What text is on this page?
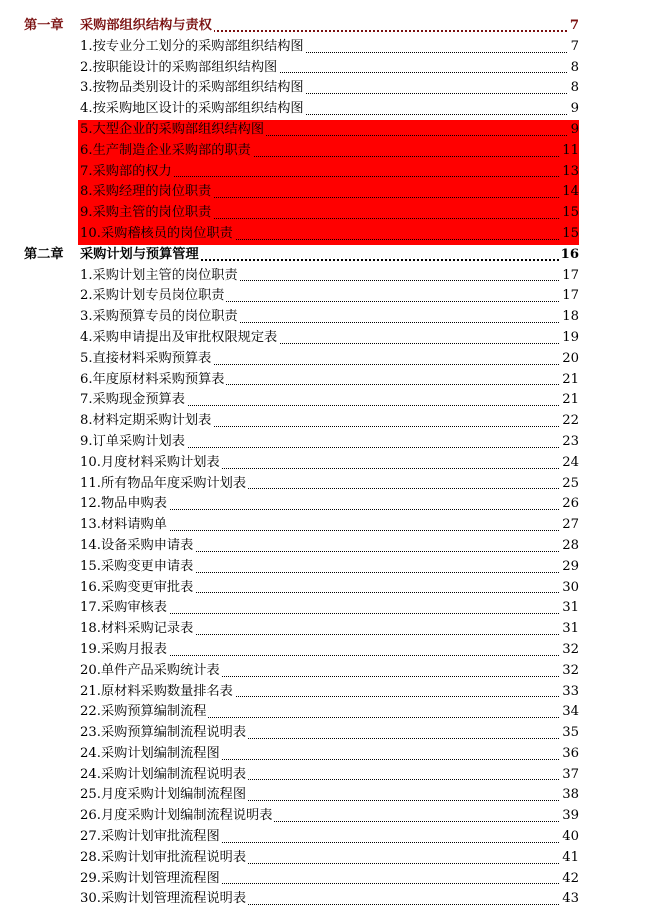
第一章 采购部组织结构与责权	7
1.按专业分工划分的采购部组织结构图	7
2.按职能设计的采购部组织结构图	8
3.按物品类别设计的采购部组织结构图	8
4.按采购地区设计的采购部组织结构图	9
5.大型企业的采购部组织结构图	9
6.生产制造企业采购部的职责	11
7.采购部的权力	13
8.采购经理的岗位职责	14
9.采购主管的岗位职责	15
10.采购稽核员的岗位职责	15
第二章 采购计划与预算管理	16
1.采购计划主管的岗位职责	17
2.采购计划专员岗位职责	17
3.采购预算专员的岗位职责	18
4.采购申请提出及审批权限规定表	19
5.直接材料采购预算表	20
6.年度原材料采购预算表	21
7.采购现金预算表	21
8.材料定期采购计划表	22
9.订单采购计划表	23
10.月度材料采购计划表	24
11.所有物品年度采购计划表	25
12.物品申购表	26
13.材料请购单	27
14.设备采购申请表	28
15.采购变更申请表	29
16.采购变更审批表	30
17.采购审核表	31
18.材料采购记录表	31
19.采购月报表	32
20.单件产品采购统计表	32
21.原材料采购数量排名表	33
22.采购预算编制流程	34
23.采购预算编制流程说明表	35
24.采购计划编制流程图	36
24.采购计划编制流程说明表	37
25.月度采购计划编制流程图	38
26.月度采购计划编制流程说明表	39
27.采购计划审批流程图	40
28.采购计划审批流程说明表	41
29.采购计划管理流程图	42
30.采购计划管理流程说明表	43
